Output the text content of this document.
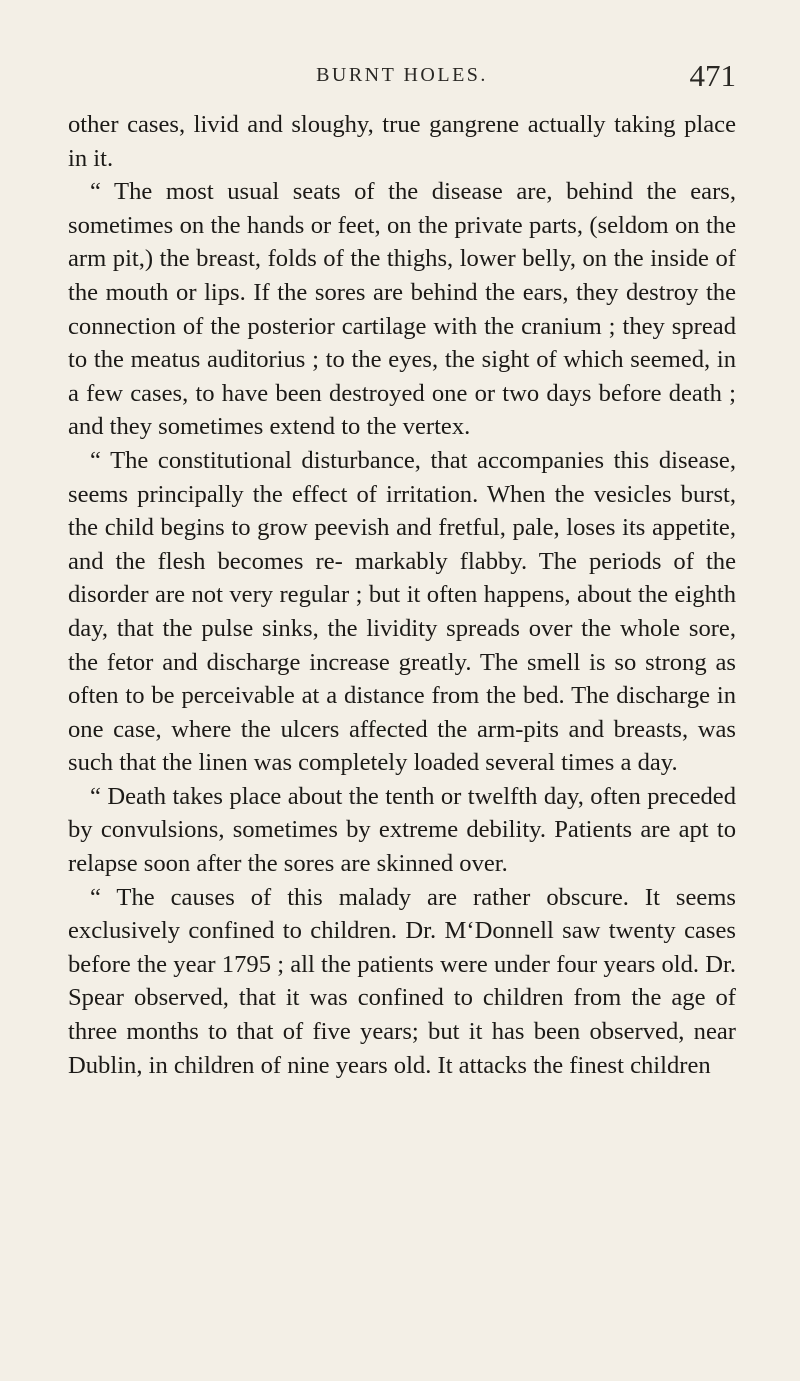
BURNT HOLES.	471

other cases, livid and sloughy, true gangrene actually taking place in it.

“ The most usual seats of the disease are, behind the ears, sometimes on the hands or feet, on the private parts, (seldom on the arm pit,) the breast, folds of the thighs, lower belly, on the inside of the mouth or lips. If the sores are behind the ears, they destroy the connection of the posterior cartilage with the cranium ; they spread to the meatus auditorius ; to the eyes, the sight of which seemed, in a few cases, to have been destroyed one or two days before death ; and they sometimes extend to the vertex.

“ The constitutional disturbance, that accompanies this disease, seems principally the effect of irritation. When the vesicles burst, the child begins to grow peevish and fretful, pale, loses its appetite, and the flesh becomes re- markably flabby. The periods of the disorder are not very regular ; but it often happens, about the eighth day, that the pulse sinks, the lividity spreads over the whole sore, the fetor and discharge increase greatly. The smell is so strong as often to be perceivable at a distance from the bed. The discharge in one case, where the ulcers affected the arm-pits and breasts, was such that the linen was completely loaded several times a day.

“ Death takes place about the tenth or twelfth day, often preceded by convulsions, sometimes by extreme debility. Patients are apt to relapse soon after the sores are skinned over.

“ The causes of this malady are rather obscure. It seems exclusively confined to children. Dr. M‘Donnell saw twenty cases before the year 1795 ; all the patients were under four years old. Dr. Spear observed, that it was confined to children from the age of three months to that of five years; but it has been observed, near Dublin, in children of nine years old. It attacks the finest children
